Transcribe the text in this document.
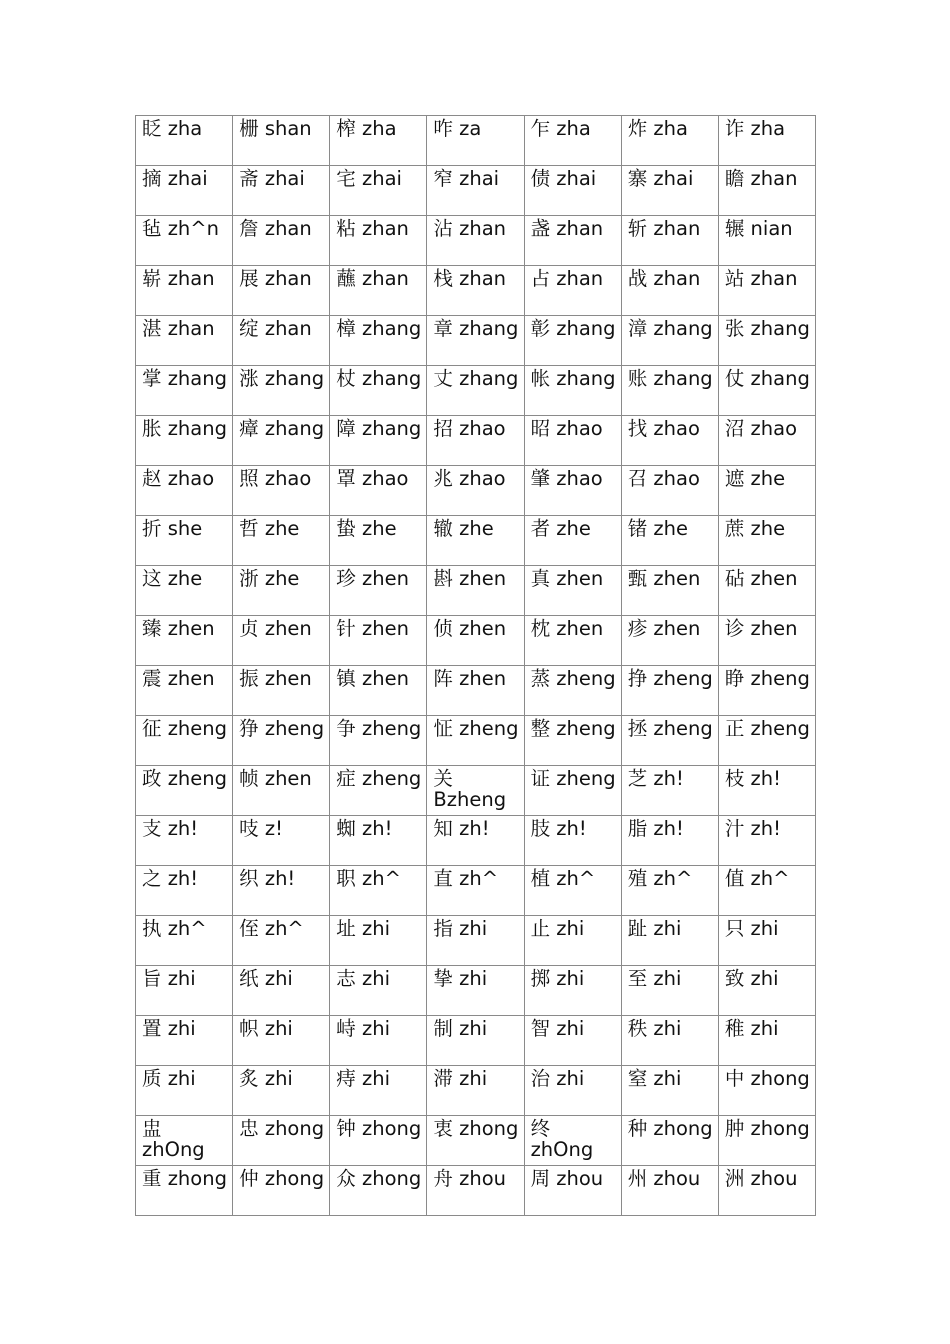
眨 zha	栅 shan	榨 zha	咋 za	乍 zha	炸 zha	诈 zha
摘 zhai	斋 zhai	宅 zhai	窄 zhai	债 zhai	寨 zhai	瞻 zhan
毡 zh^n	詹 zhan	粘 zhan	沾 zhan	盏 zhan	斩 zhan	辗 nian
崭 zhan	展 zhan	蘸 zhan	栈 zhan	占 zhan	战 zhan	站 zhan
湛 zhan	绽 zhan	樟 zhang	章 zhang	彰 zhang	漳 zhang	张 zhang
掌 zhang	涨 zhang	杖 zhang	丈 zhang	帐 zhang	账 zhang	仗 zhang
胀 zhang	瘴 zhang	障 zhang	招 zhao	昭 zhao	找 zhao	沼 zhao
赵 zhao	照 zhao	罩 zhao	兆 zhao	肇 zhao	召 zhao	遮 zhe
折 she	哲 zhe	蛰 zhe	辙 zhe	者 zhe	锗 zhe	蔗 zhe
这 zhe	浙 zhe	珍 zhen	斟 zhen	真 zhen	甄 zhen	砧 zhen
臻 zhen	贞 zhen	针 zhen	侦 zhen	枕 zhen	疹 zhen	诊 zhen
震 zhen	振 zhen	镇 zhen	阵 zhen	蒸 zheng	挣 zheng	睁 zheng
征 zheng	狰 zheng	争 zheng	怔 zheng	整 zheng	拯 zheng	正 zheng
政 zheng	帧 zhen	症 zheng	关 Bzheng	证 zheng	芝 zh!	枝 zh!
支 zh!	吱 z!	蜘 zh!	知 zh!	肢 zh!	脂 zh!	汁 zh!
之 zh!	织 zh!	职 zh^	直 zh^	植 zh^	殖 zh^	值 zh^
执 zh^	侄 zh^	址 zhi	指 zhi	止 zhi	趾 zhi	只 zhi
旨 zhi	纸 zhi	志 zhi	挚 zhi	掷 zhi	至 zhi	致 zhi
置 zhi	帜 zhi	峙 zhi	制 zhi	智 zhi	秩 zhi	稚 zhi
质 zhi	炙 zhi	痔 zhi	滞 zhi	治 zhi	窒 zhi	中 zhong
盅 zhOng	忠 zhong	钟 zhong	衷 zhong	终 zhOng	种 zhong	肿 zhong
重 zhong	仲 zhong	众 zhong	舟 zhou	周 zhou	州 zhou	洲 zhou
